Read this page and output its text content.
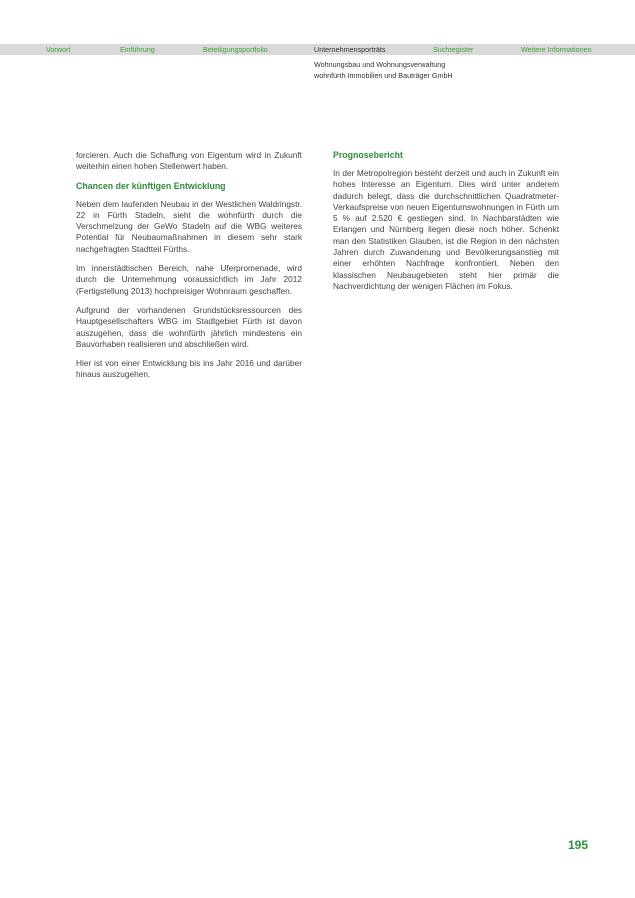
Vorwort	Einführung	Beteiligungsportfolio	Unternehmensporträts	Suchregister	Weitere Informationen
Wohnungsbau und Wohnungsverwaltung
wohnfürth Immobilien und Bauträger GmbH

forcieren. Auch die Schaffung von Eigentum wird in Zukunft weiterhin einen hohen Stellenwert haben.

Chancen der künftigen Entwicklung

Neben dem laufenden Neubau in der Westlichen Waldringstr. 22 in Fürth Stadeln, sieht die wohnfürth durch die Verschmelzung der GeWo Stadeln auf die WBG weiteres Potential für Neubaumaßnahmen in diesem sehr stark nachgefragten Stadtteil Fürths.

Im innerstädtischen Bereich, nahe Uferpromenade, wird durch die Unternehmung voraussichtlich im Jahr 2012 (Fertigstellung 2013) hochpreisiger Wohnraum geschaffen.

Aufgrund der vorhandenen Grundstücksressourcen des Hauptgesellschafters WBG im Stadtgebiet Fürth ist davon auszugehen, dass die wohnfürth jährlich mindestens ein Bauvorhaben realisieren und abschließen wird.

Hier ist von einer Entwicklung bis ins Jahr 2016 und darüber hinaus auszugehen.

Prognosebericht

In der Metropolregion besteht derzeit und auch in Zukunft ein hohes Interesse an Eigentum. Dies wird unter anderem dadurch belegt, dass die durchschnittlichen Quadratmeter-Verkaufspreise von neuen Eigentumswohnungen in Fürth um 5 % auf 2.520 € gestiegen sind. In Nachbarstädten wie Erlangen und Nürnberg liegen diese noch höher. Schenkt man den Statistiken Glauben, ist die Region in den nächsten Jahren durch Zuwanderung und Bevölkerungsanstieg mit einer erhöhten Nachfrage konfrontiert. Neben den klassischen Neubaugebieten steht hier primär die Nachverdichtung der wenigen Flächen im Fokus.

195
